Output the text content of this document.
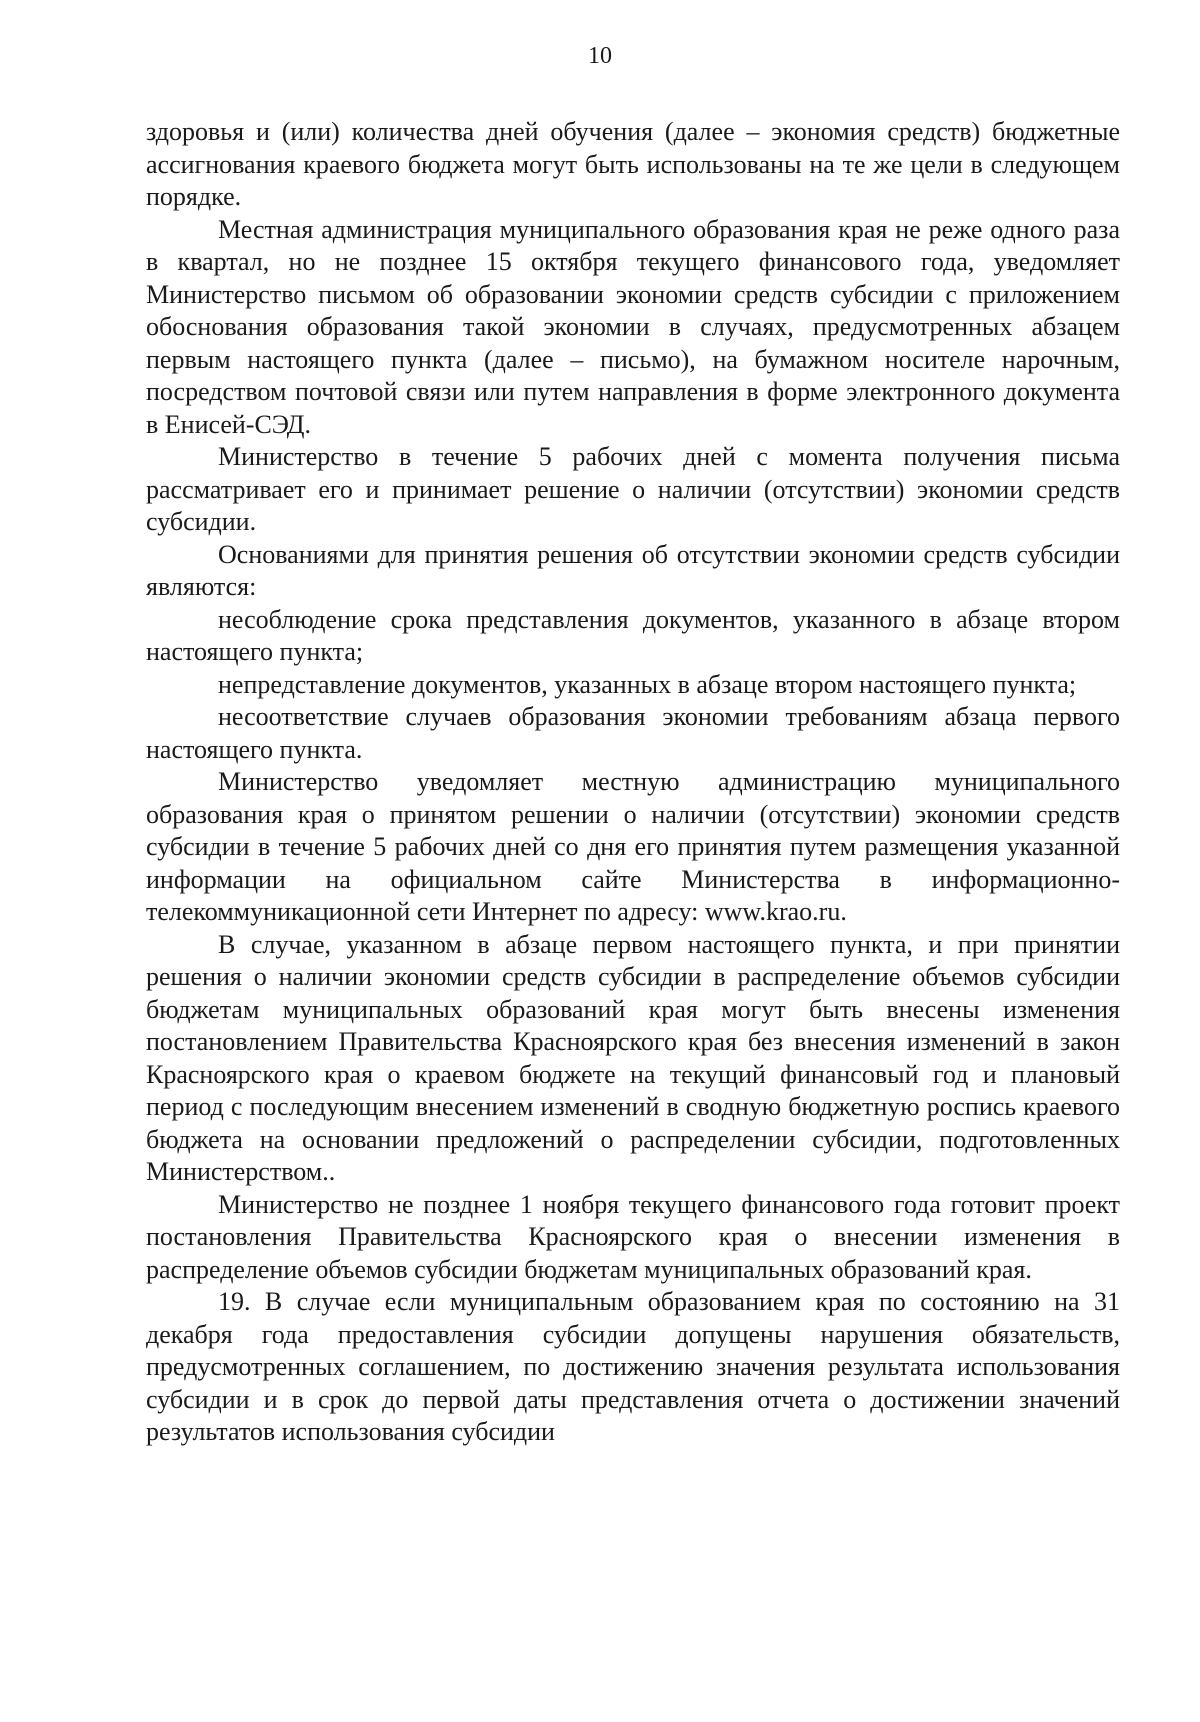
10

здоровья и (или) количества дней обучения (далее – экономия средств) бюджетные ассигнования краевого бюджета могут быть использованы на те же цели в следующем порядке.

Местная администрация муниципального образования края не реже одного раза в квартал, но не позднее 15 октября текущего финансового года, уведомляет Министерство письмом об образовании экономии средств субсидии с приложением обоснования образования такой экономии в случаях, предусмотренных абзацем первым настоящего пункта (далее – письмо), на бумажном носителе нарочным, посредством почтовой связи или путем направления в форме электронного документа в Енисей-СЭД.

Министерство в течение 5 рабочих дней с момента получения письма рассматривает его и принимает решение о наличии (отсутствии) экономии средств субсидии.

Основаниями для принятия решения об отсутствии экономии средств субсидии являются:

несоблюдение срока представления документов, указанного в абзаце втором настоящего пункта;

непредставление документов, указанных в абзаце втором настоящего пункта;

несоответствие случаев образования экономии требованиям абзаца первого настоящего пункта.

Министерство уведомляет местную администрацию муниципального образования края о принятом решении о наличии (отсутствии) экономии средств субсидии в течение 5 рабочих дней со дня его принятия путем размещения указанной информации на официальном сайте Министерства в информационно-телекоммуникационной сети Интернет по адресу: www.krao.ru.

В случае, указанном в абзаце первом настоящего пункта, и при принятии решения о наличии экономии средств субсидии в распределение объемов субсидии бюджетам муниципальных образований края могут быть внесены изменения постановлением Правительства Красноярского края без внесения изменений в закон Красноярского края о краевом бюджете на текущий финансовый год и плановый период с последующим внесением изменений в сводную бюджетную роспись краевого бюджета на основании предложений о распределении субсидии, подготовленных Министерством..

Министерство не позднее 1 ноября текущего финансового года готовит проект постановления Правительства Красноярского края о внесении изменения в распределение объемов субсидии бюджетам муниципальных образований края.

19. В случае если муниципальным образованием края по состоянию на 31 декабря года предоставления субсидии допущены нарушения обязательств, предусмотренных соглашением, по достижению значения результата использования субсидии и в срок до первой даты представления отчета о достижении значений результатов использования субсидии
